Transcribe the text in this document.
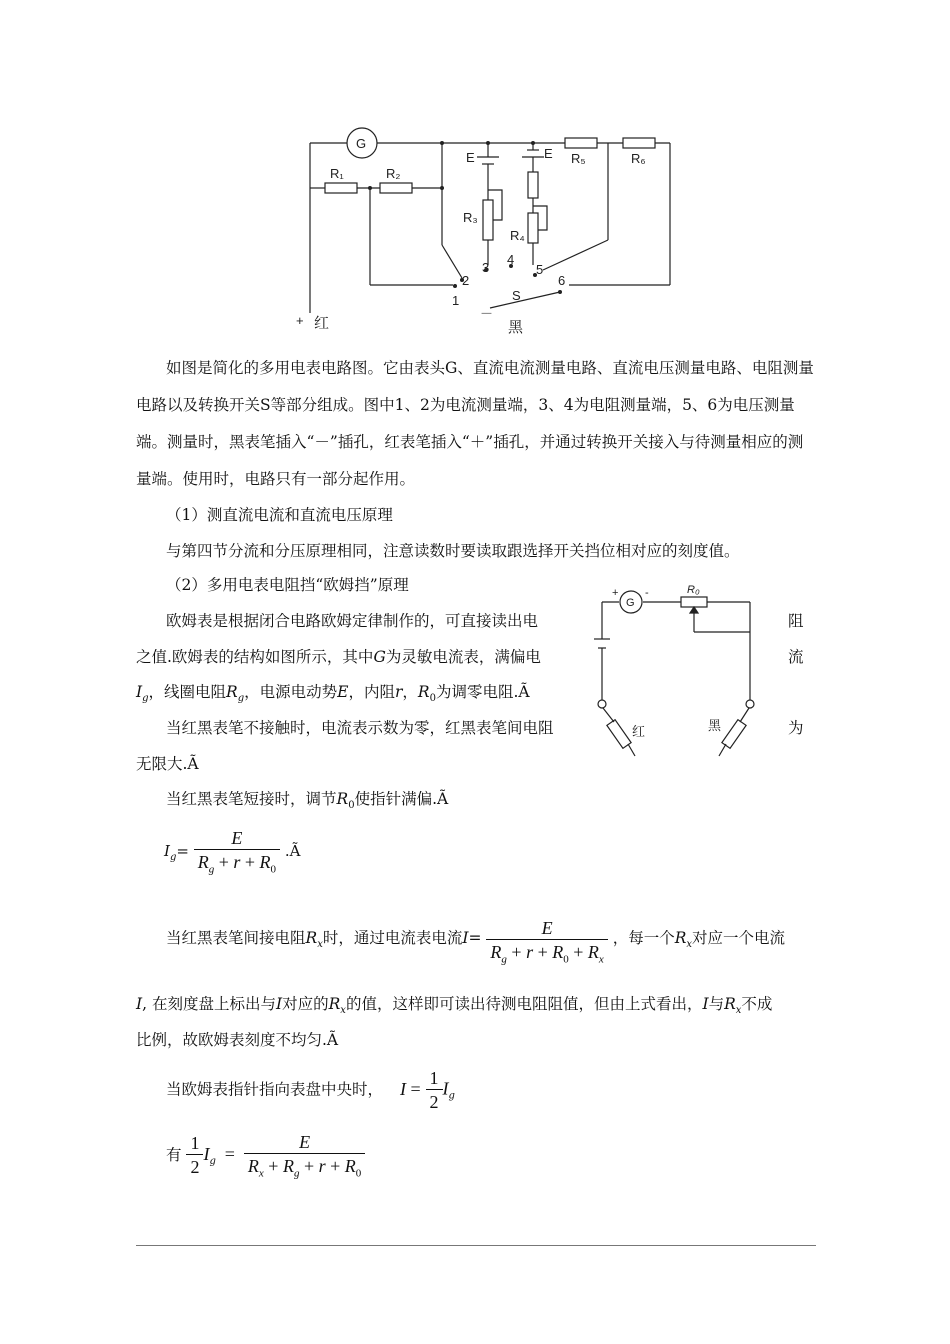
G
R₁	R₂
E	E
R₃
R₄
R₅	R₆
1
2
3
4
5
6
S
+ 红
－
黑
如图是简化的多用电表电路图。它由表头G、直流电流测量电路、直流电压测量电路、电阻测量电路以及转换开关S等部分组成。图中1、2为电流测量端，3、4为电阻测量端，5、6为电压测量端。测量时，黑表笔插入“－”插孔，红表笔插入“＋”插孔，并通过转换开关接入与待测量相应的测量端。使用时，电路只有一部分起作用。
（1）测直流电流和直流电压原理
与第四节分流和分压原理相同，注意读数时要读取跟选择开关挡位相对应的刻度值。
（2）多用电表电阻挡“欧姆挡”原理
欧姆表是根据闭合电路欧姆定律制作的，可直接读出电	阻
之值.欧姆表的结构如图所示，其中G为灵敏电流表，满偏电	流
$I_g$，线圈电阻$R_g$，电源电动势E，内阻r，$R_0$为调零电阻.Ã
当红黑表笔不接触时，电流表示数为零，红黑表笔间电阻	为
无限大.Ã
+
G
-	R₀
红	黑
当红黑表笔短接时，调节$R_0$使指针满偏.Ã
$I_g= \frac{E}{R_g + r + R_0}$ .Ã
当红黑表笔间接电阻$R_x$时，通过电流表电流$I= \frac{E}{R_g + r + R_0 + R_x}$ ，每一个$R_x$对应一个电流
I, 在刻度盘上标出与I对应的$R_x$的值，这样即可读出待测电阻阻值，但由上式看出，I与$R_x$不成
比例，故欧姆表刻度不均匀.Ã
当欧姆表指针指向表盘中央时， $I = \frac{1}{2} I_g$
有 $\frac{1}{2} I_g = \frac{E}{R_x + R_g + r + R_0}$
